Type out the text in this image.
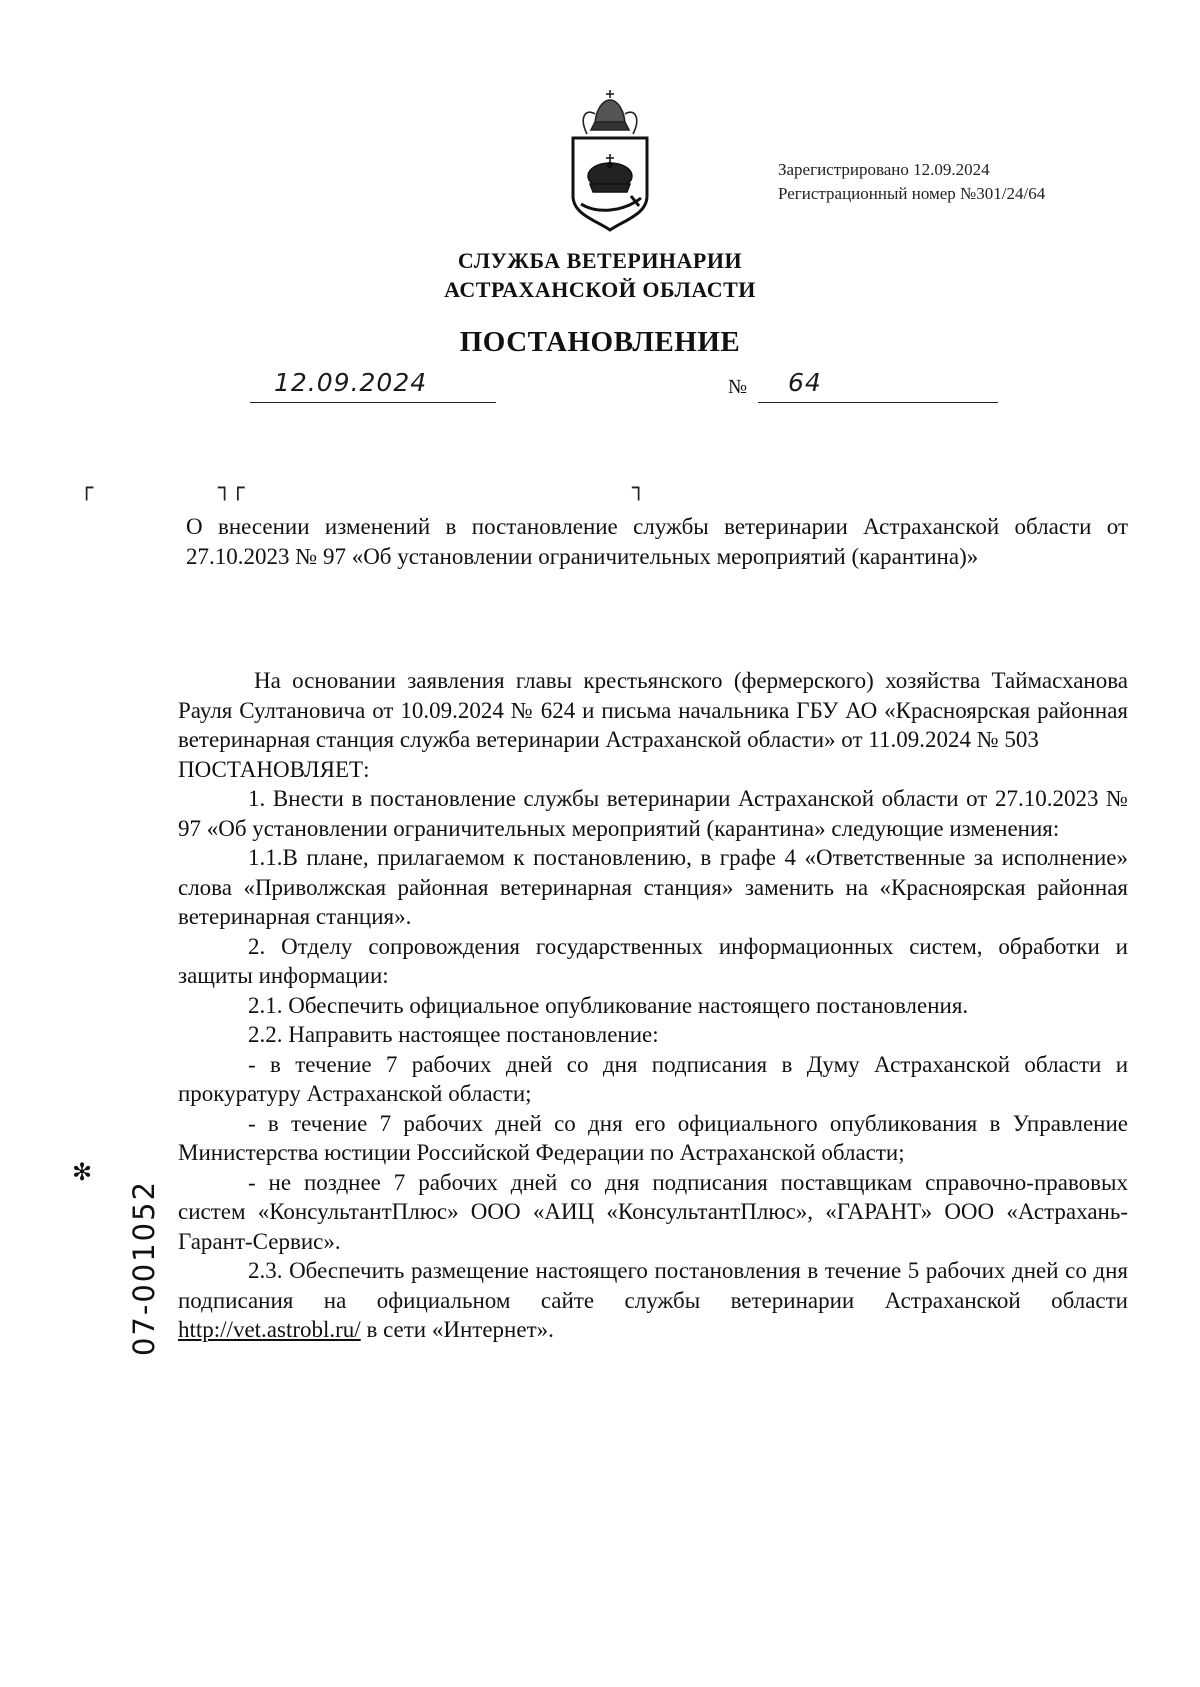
Зарегистрировано 12.09.2024
Регистрационный номер №301/24/64
СЛУЖБА ВЕТЕРИНАРИИ
АСТРАХАНСКОЙ ОБЛАСТИ
ПОСТАНОВЛЕНИЕ
12.09.2024	№ 64
┌	┐┌	┐
О внесении изменений в постановление службы ветеринарии Астраханской области от 27.10.2023 № 97 «Об установлении ограничительных мероприятий (карантина)»

На основании заявления главы крестьянского (фермерского) хозяйства Таймасханова Рауля Султановича от 10.09.2024 № 624 и письма начальника ГБУ АО «Красноярская районная ветеринарная станция служба ветеринарии Астраханской области» от 11.09.2024 № 503

ПОСТАНОВЛЯЕТ:

1. Внести в постановление службы ветеринарии Астраханской области от 27.10.2023 № 97 «Об установлении ограничительных мероприятий (карантина» следующие изменения:

1.1.В плане, прилагаемом к постановлению, в графе 4 «Ответственные за исполнение» слова «Приволжская районная ветеринарная станция» заменить на «Красноярская районная ветеринарная станция».

2. Отделу сопровождения государственных информационных систем, обработки и защиты информации:

2.1. Обеспечить официальное опубликование настоящего постановления.

2.2. Направить настоящее постановление:

- в течение 7 рабочих дней со дня подписания в Думу Астраханской области и прокуратуру Астраханской области;

- в течение 7 рабочих дней со дня его официального опубликования в Управление Министерства юстиции Российской Федерации по Астраханской области;

- не позднее 7 рабочих дней со дня подписания поставщикам справочно-правовых систем «КонсультантПлюс» ООО «АИЦ «КонсультантПлюс», «ГАРАНТ» ООО «Астрахань-Гарант-Сервис».

2.3. Обеспечить размещение настоящего постановления в течение 5 рабочих дней со дня подписания на официальном сайте службы ветеринарии Астраханской области http://vet.astrobl.ru/ в сети «Интернет».

✻
07-001052
